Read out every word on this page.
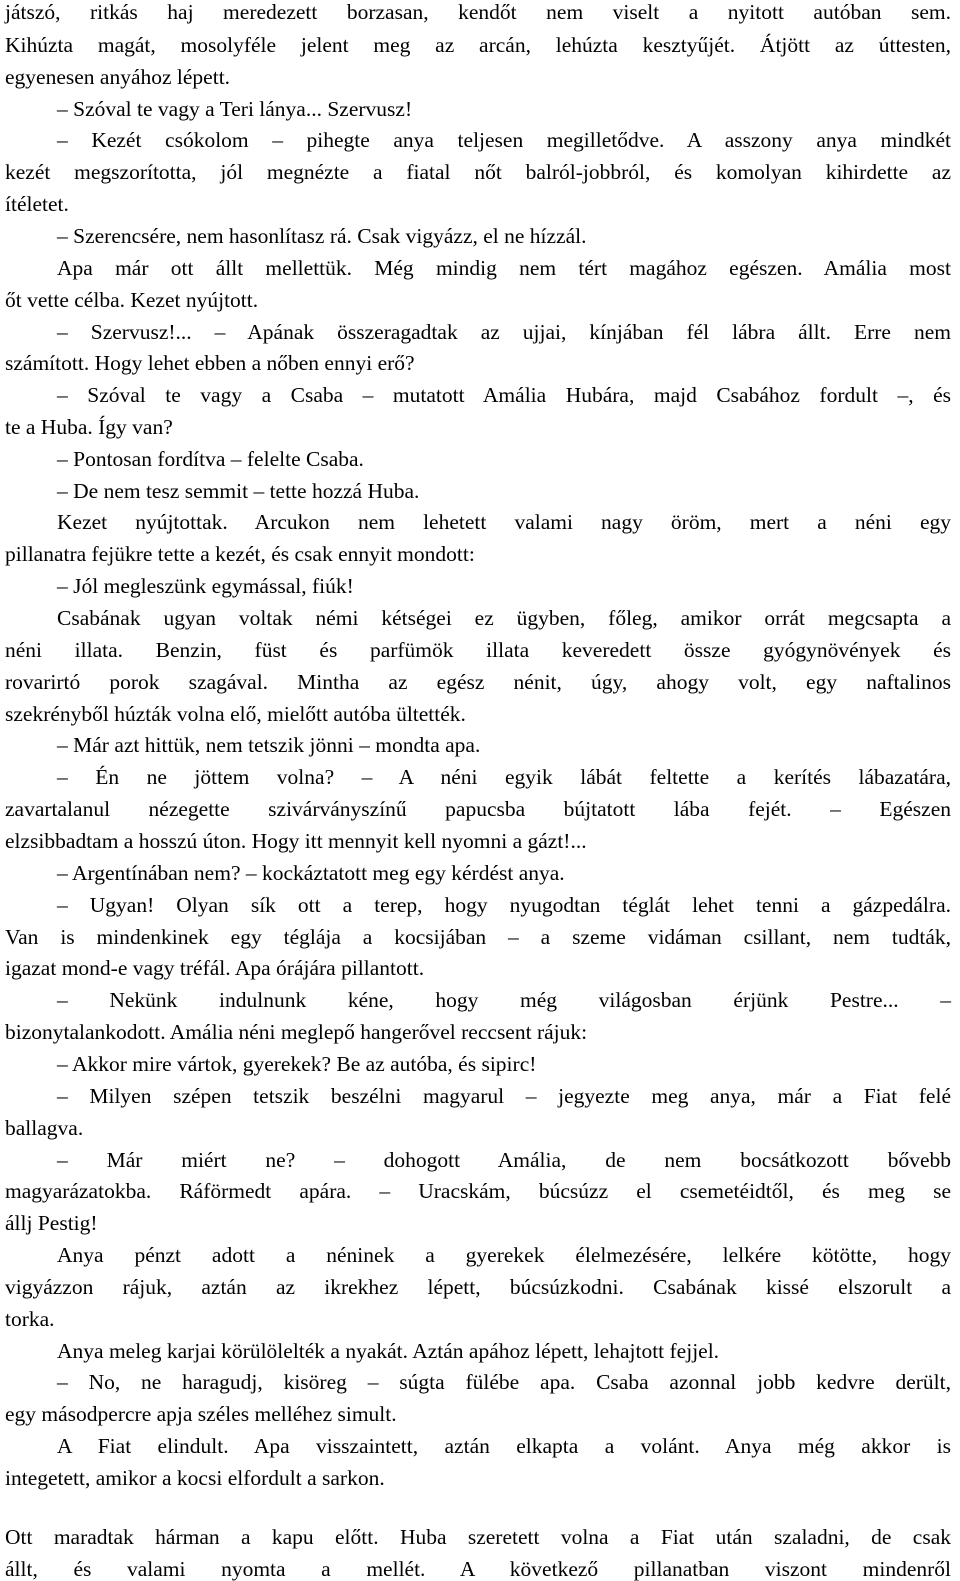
játszó, ritkás haj meredezett borzasan, kendőt nem viselt a nyitott autóban sem.
Kihúzta magát, mosolyféle jelent meg az arcán, lehúzta kesztyűjét. Átjött az úttesten,
egyenesen anyához lépett.
– Szóval te vagy a Teri lánya... Szervusz!
– Kezét csókolom – pihegte anya teljesen megilletődve. A asszony anya mindkét
kezét megszorította, jól megnézte a fiatal nőt balról-jobbról, és komolyan kihirdette az
ítéletet.
– Szerencsére, nem hasonlítasz rá. Csak vigyázz, el ne hízzál.
Apa már ott állt mellettük. Még mindig nem tért magához egészen. Amália most
őt vette célba. Kezet nyújtott.
– Szervusz!... – Apának összeragadtak az ujjai, kínjában fél lábra állt. Erre nem
számított. Hogy lehet ebben a nőben ennyi erő?
– Szóval te vagy a Csaba – mutatott Amália Hubára, majd Csabához fordult –, és
te a Huba. Így van?
– Pontosan fordítva – felelte Csaba.
– De nem tesz semmit – tette hozzá Huba.
Kezet nyújtottak. Arcukon nem lehetett valami nagy öröm, mert a néni egy
pillanatra fejükre tette a kezét, és csak ennyit mondott:
– Jól megleszünk egymással, fiúk!
Csabának ugyan voltak némi kétségei ez ügyben, főleg, amikor orrát megcsapta a
néni illata. Benzin, füst és parfümök illata keveredett össze gyógynövények és
rovarirtó porok szagával. Mintha az egész nénit, úgy, ahogy volt, egy naftalinos
szekrényből húzták volna elő, mielőtt autóba ültették.
– Már azt hittük, nem tetszik jönni – mondta apa.
– Én ne jöttem volna? – A néni egyik lábát feltette a kerítés lábazatára,
zavartalanul nézegette szivárványszínű papucsba bújtatott lába fejét. – Egészen
elzsibbadtam a hosszú úton. Hogy itt mennyit kell nyomni a gázt!...
– Argentínában nem? – kockáztatott meg egy kérdést anya.
– Ugyan! Olyan sík ott a terep, hogy nyugodtan téglát lehet tenni a gázpedálra.
Van is mindenkinek egy téglája a kocsijában – a szeme vidáman csillant, nem tudták,
igazat mond-e vagy tréfál. Apa órájára pillantott.
– Nekünk indulnunk kéne, hogy még világosban érjünk Pestre... –
bizonytalankodott. Amália néni meglepő hangerővel reccsent rájuk:
– Akkor mire vártok, gyerekek? Be az autóba, és sipirc!
– Milyen szépen tetszik beszélni magyarul – jegyezte meg anya, már a Fiat felé
ballagva.
– Már miért ne? – dohogott Amália, de nem bocsátkozott bővebb
magyarázatokba. Ráförmedt apára. – Uracskám, búcsúzz el csemetéidtől, és meg se
állj Pestig!
Anya pénzt adott a néninek a gyerekek élelmezésére, lelkére kötötte, hogy
vigyázzon rájuk, aztán az ikrekhez lépett, búcsúzkodni. Csabának kissé elszorult a
torka.
Anya meleg karjai körülölelték a nyakát. Aztán apához lépett, lehajtott fejjel.
– No, ne haragudj, kisöreg – súgta fülébe apa. Csaba azonnal jobb kedvre derült,
egy másodpercre apja széles melléhez simult.
A Fiat elindult. Apa visszaintett, aztán elkapta a volánt. Anya még akkor is
integetett, amikor a kocsi elfordult a sarkon.
Ott maradtak hárman a kapu előtt. Huba szeretett volna a Fiat után szaladni, de csak
állt, és valami nyomta a mellét. A következő pillanatban viszont mindenről
